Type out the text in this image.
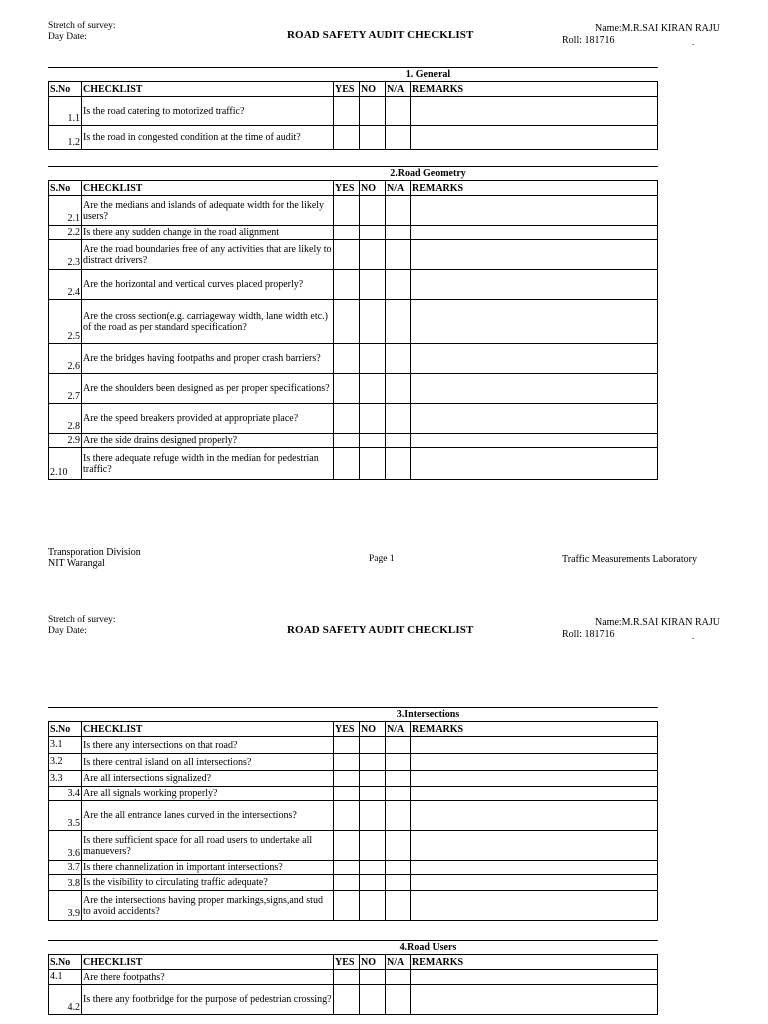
Stretch of survey:
Day Date:	ROAD SAFETY AUDIT CHECKLIST
Name:M.R.SAI KIRAN RAJU
Roll: 181716	.
1. General
S.No	CHECKLIST	YES	NO	N/A	REMARKS
1.1	Is the road catering to motorized traffic?				
1.2	Is the road in congested condition at the time of audit?				
2.Road Geometry
S.No	CHECKLIST	YES	NO	N/A	REMARKS
2.1	Are the medians and islands of adequate width for the likely users?				
2.2	Is there any sudden change in the road alignment				
2.3	Are the road boundaries free of any activities that are likely to distract drivers?				
2.4	Are the horizontal and vertical curves placed properly?				
2.5	Are the cross section(e.g. carriageway width, lane width etc.) of the road as per standard specification?				
2.6	Are the bridges having footpaths and proper crash barriers?				
2.7	Are the shoulders been designed as per proper specifications?				
2.8	Are the speed breakers provided at appropriate place?				
2.9	Are the side drains designed properly?				
2.10	Is there adequate refuge width in the median for pedestrian traffic?				
Transporation Division
NIT Warangal	Page 1	Traffic Measurements Laboratory
Stretch of survey:
Day Date:	ROAD SAFETY AUDIT CHECKLIST
Name:M.R.SAI KIRAN RAJU
Roll: 181716	.
3.Intersections
S.No	CHECKLIST	YES	NO	N/A	REMARKS
3.1	Is there any intersections on that road?				
3.2	Is there central island on all intersections?				
3.3	Are all intersections signalized?				
3.4	Are all signals working properly?				
3.5	Are the all entrance lanes curved in the intersections?				
3.6	Is there sufficient space for all road users to undertake all manuevers?				
3.7	Is there channelization in important intersections?				
3.8	Is the visibility to circulating traffic adequate?				
3.9	Are the intersections having proper markings,signs,and stud to avoid accidents?				
4.Road Users
S.No	CHECKLIST	YES	NO	N/A	REMARKS
4.1	Are there footpaths?				
4.2	Is there any footbridge for the purpose of pedestrian crossing?				
